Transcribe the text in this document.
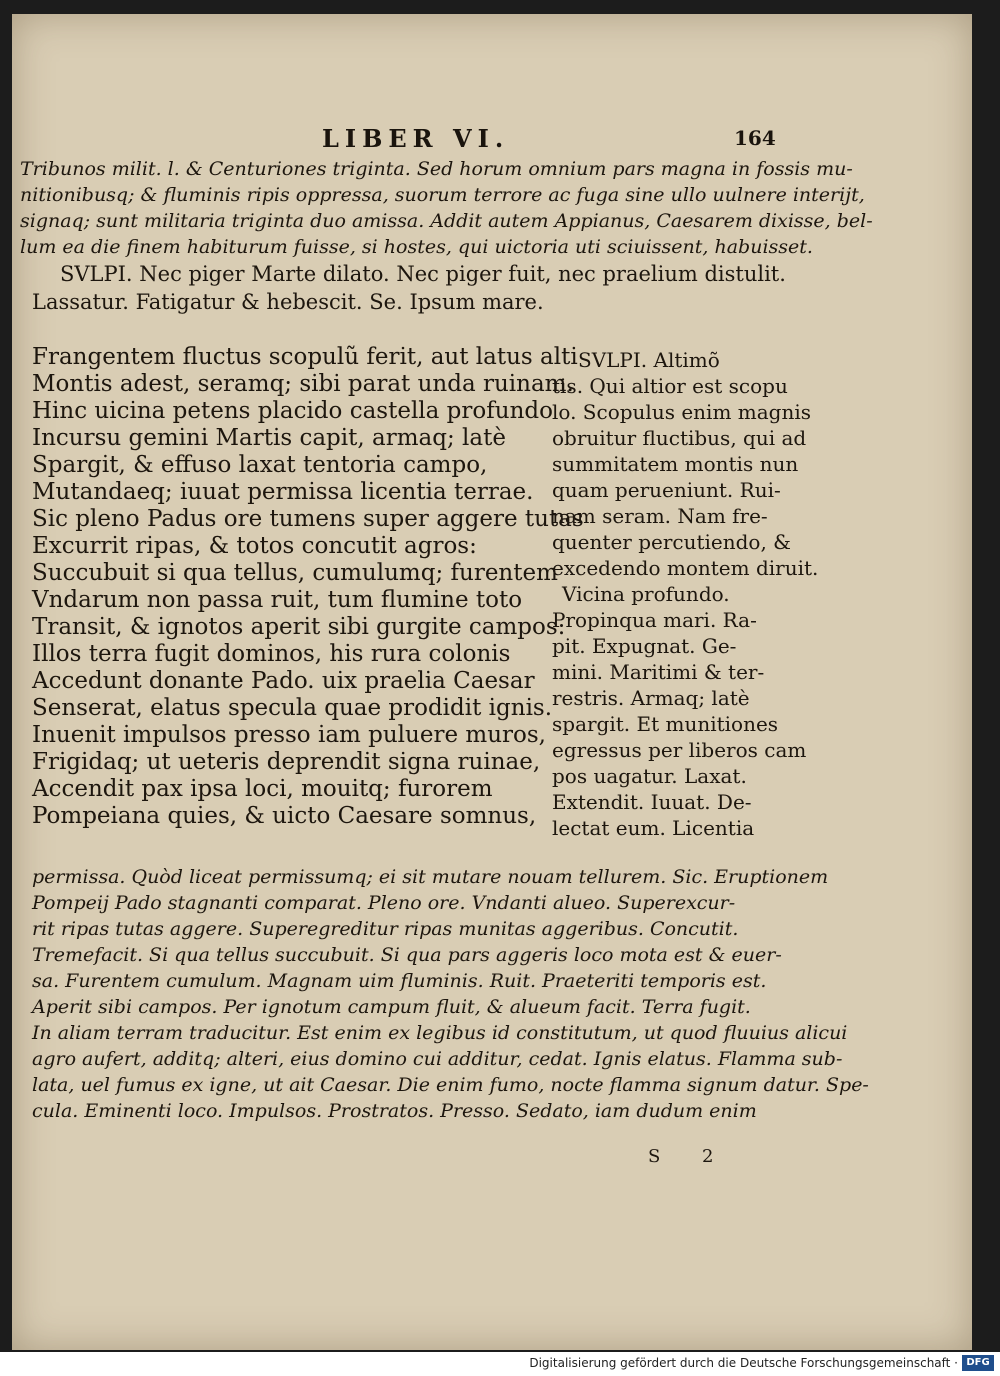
LIBER VI.	164
Tribunos milit. l. & Centuriones triginta. Sed horum omnium pars magna in fossis mu-
nitionibusq; & fluminis ripis oppressa, suorum terrore ac fuga sine ullo uulnere interijt,
signaq; sunt militaria triginta duo amissa. Addit autem Appianus, Caesarem dixisse, bel-
lum ea die finem habiturum fuisse, si hostes, qui uictoria uti sciuissent, habuisset.
SVLPI. Nec piger Marte dilato. Nec piger fuit, nec praelium distulit.
Lassatur. Fatigatur & hebescit. Se. Ipsum mare.
Frangentem fluctus scopulũ ferit, aut latus alti
Montis adest, seramq; sibi parat unda ruinam.
Hinc uicina petens placido castella profundo
Incursu gemini Martis capit, armaq; latè
Spargit, & effuso laxat tentoria campo,
Mutandaeq; iuuat permissa licentia terrae.
Sic pleno Padus ore tumens super aggere tutas
Excurrit ripas, & totos concutit agros:
Succubuit si qua tellus, cumulumq; furentem
Vndarum non passa ruit, tum flumine toto
Transit, & ignotos aperit sibi gurgite campos:
Illos terra fugit dominos, his rura colonis
Accedunt donante Pado. uix praelia Caesar
Senserat, elatus specula quae prodidit ignis.
Inuenit impulsos presso iam puluere muros,
Frigidaq; ut ueteris deprendit signa ruinae,
Accendit pax ipsa loci, mouitq; furorem
Pompeiana quies, & uicto Caesare somnus,
SVLPI. Altimõ
tis. Qui altior est scopu
lo. Scopulus enim magnis
obruitur fluctibus, qui ad
summitatem montis nun
quam perueniunt. Rui-
nam seram. Nam fre-
quenter percutiendo, &
excedendo montem diruit.
Vicina profundo.
Propinqua mari. Ra-
pit. Expugnat. Ge-
mini. Maritimi & ter-
restris. Armaq; latè
spargit. Et munitiones
egressus per liberos cam
pos uagatur. Laxat.
Extendit. Iuuat. De-
lectat eum. Licentia
permissa. Quòd liceat permissumq; ei sit mutare nouam tellurem. Sic. Eruptionem
Pompeij Pado stagnanti comparat. Pleno ore. Vndanti alueo. Superexcur-
rit ripas tutas aggere. Superegreditur ripas munitas aggeribus. Concutit.
Tremefacit. Si qua tellus succubuit. Si qua pars aggeris loco mota est & euer-
sa. Furentem cumulum. Magnam uim fluminis. Ruit. Praeteriti temporis est.
Aperit sibi campos. Per ignotum campum fluit, & alueum facit. Terra fugit.
In aliam terram traducitur. Est enim ex legibus id constitutum, ut quod fluuius alicui
agro aufert, additq; alteri, eius domino cui additur, cedat. Ignis elatus. Flamma sub-
lata, uel fumus ex igne, ut ait Caesar. Die enim fumo, nocte flamma signum datur. Spe-
cula. Eminenti loco. Impulsos. Prostratos. Presso. Sedato, iam dudum enim
S 2
Digitalisierung gefördert durch die Deutsche Forschungsgemeinschaft · DFG
